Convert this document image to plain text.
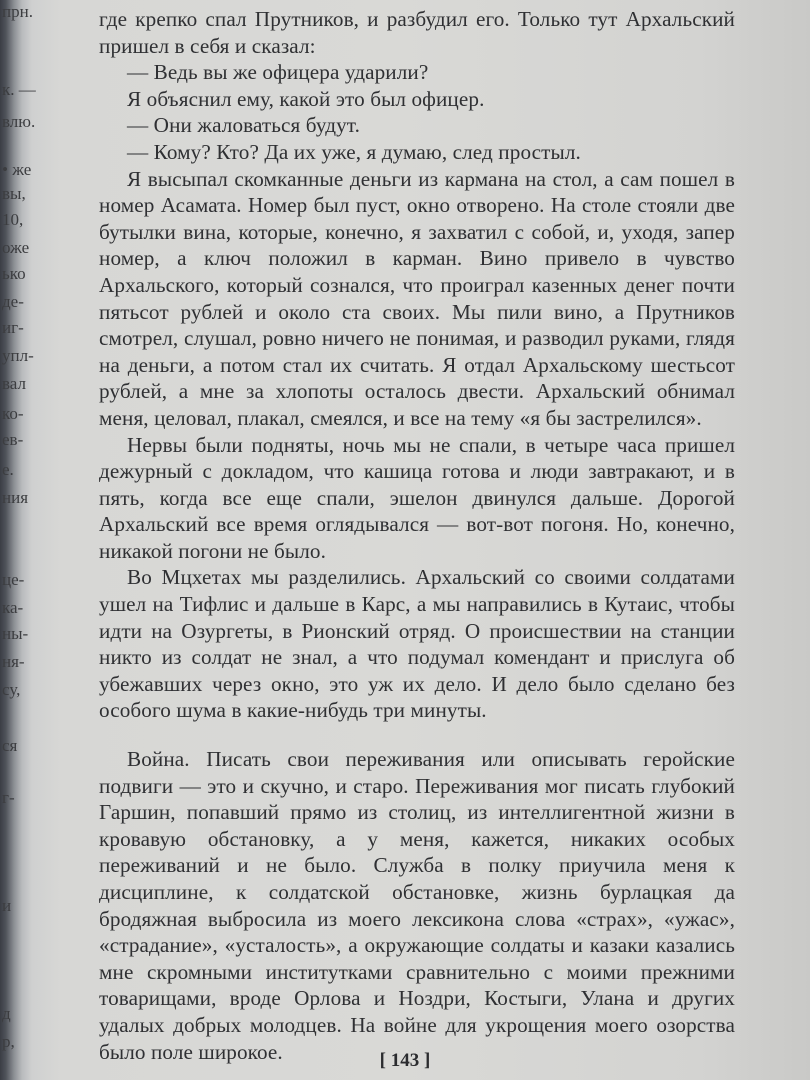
прн.
к. —
влю.
• же
вы,
10,
оже
ько
де-
иг-
упл-
вал
ко-
ев-
е.
ния
це-
ка-
ны-
ня-
су,
ся
г-
и
д
р,

где крепко спал Прутников, и разбудил его. Только тут Архальский пришел в себя и сказал:

— Ведь вы же офицера ударили?

Я объяснил ему, какой это был офицер.

— Они жаловаться будут.

— Кому? Кто? Да их уже, я думаю, след простыл.

Я высыпал скомканные деньги из кармана на стол, а сам пошел в номер Асамата. Номер был пуст, окно отворено. На столе стояли две бутылки вина, которые, конечно, я захватил с собой, и, уходя, запер номер, а ключ положил в карман. Вино привело в чувство Архальского, который сознался, что проиграл казенных денег почти пятьсот рублей и около ста своих. Мы пили вино, а Прутников смотрел, слушал, ровно ничего не понимая, и разводил руками, глядя на деньги, а потом стал их считать. Я отдал Архальскому шестьсот рублей, а мне за хлопоты осталось двести. Архальский обнимал меня, целовал, плакал, смеялся, и все на тему «я бы застрелился».

Нервы были подняты, ночь мы не спали, в четыре часа пришел дежурный с докладом, что кашица готова и люди завтракают, и в пять, когда все еще спали, эшелон двинулся дальше. Дорогой Архальский все время оглядывался — вот-вот погоня. Но, конечно, никакой погони не было.

Во Мцхетах мы разделились. Архальский со своими солдатами ушел на Тифлис и дальше в Карс, а мы направились в Кутаис, чтобы идти на Озургеты, в Рионский отряд. О происшествии на станции никто из солдат не знал, а что подумал комендант и прислуга об убежавших через окно, это уж их дело. И дело было сделано без особого шума в какие-нибудь три минуты.

Война. Писать свои переживания или описывать геройские подвиги — это и скучно, и старо. Переживания мог писать глубокий Гаршин, попавший прямо из столиц, из интеллигентной жизни в кровавую обстановку, а у меня, кажется, никаких особых переживаний и не было. Служба в полку приучила меня к дисциплине, к солдатской обстановке, жизнь бурлацкая да бродяжная выбросила из моего лексикона слова «страх», «ужас», «страдание», «усталость», а окружающие солдаты и казаки казались мне скромными институтками сравнительно с моими прежними товарищами, вроде Орлова и Ноздри, Костыги, Улана и других удалых добрых молодцев. На войне для укрощения моего озорства было поле широкое.	[ 143 ]
